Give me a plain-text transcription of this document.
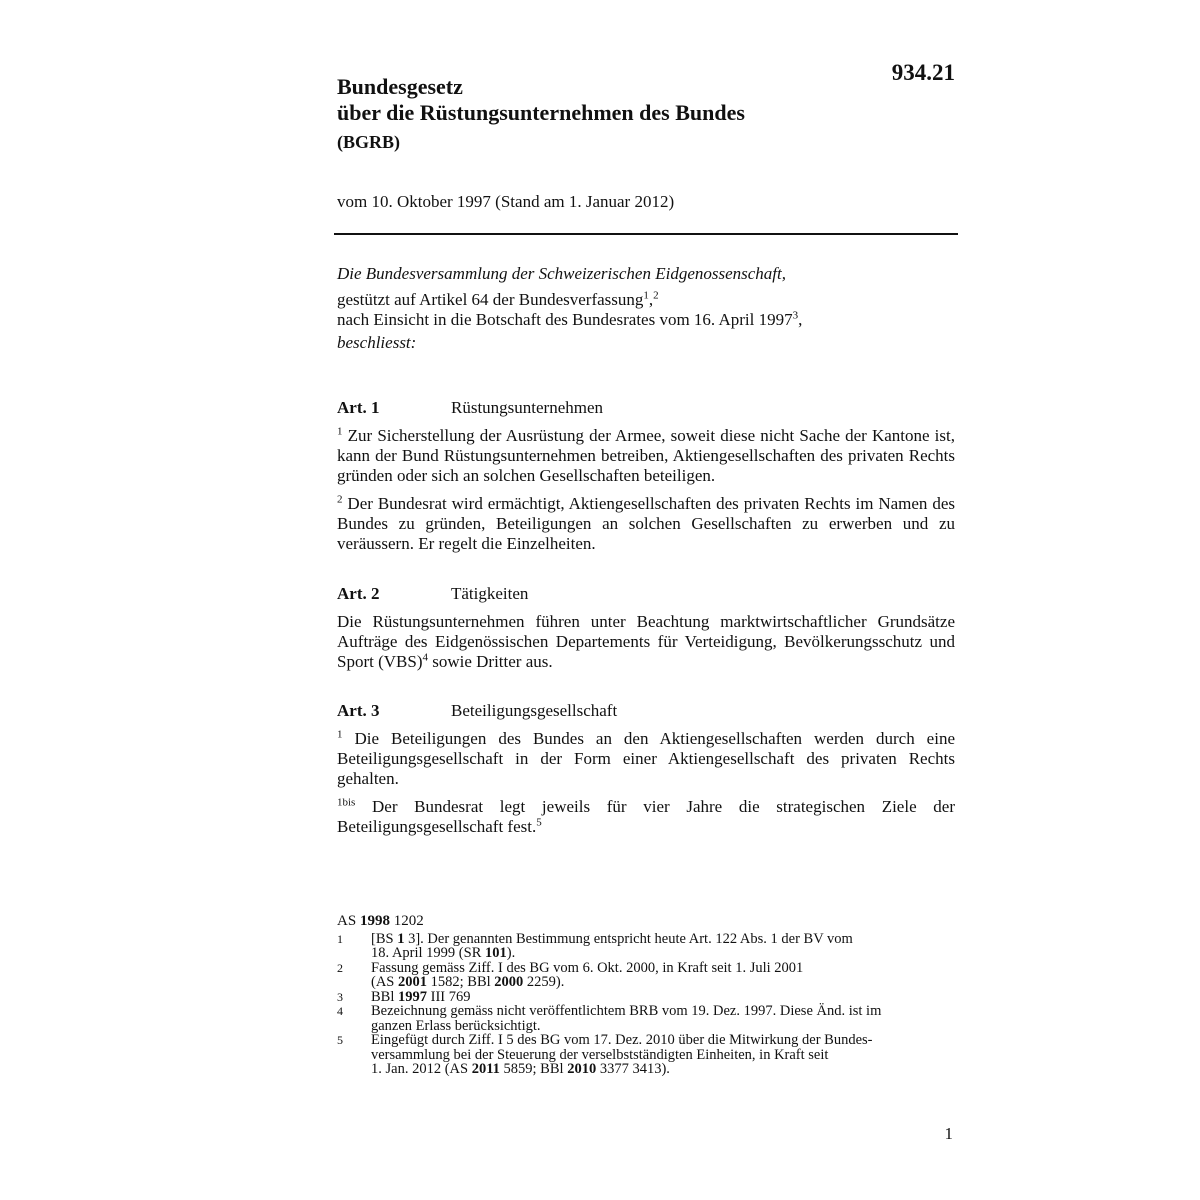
934.21
Bundesgesetz
über die Rüstungsunternehmen des Bundes
(BGRB)
vom 10. Oktober 1997 (Stand am 1. Januar 2012)
Die Bundesversammlung der Schweizerischen Eidgenossenschaft,
gestützt auf Artikel 64 der Bundesverfassung$^1$,$^2$
nach Einsicht in die Botschaft des Bundesrates vom 16. April 1997$^3$,
beschliesst:
Art. 1	Rüstungsunternehmen

$^1$ Zur Sicherstellung der Ausrüstung der Armee, soweit diese nicht Sache der Kantone ist, kann der Bund Rüstungsunternehmen betreiben, Aktiengesellschaften des privaten Rechts gründen oder sich an solchen Gesellschaften beteiligen.

$^2$ Der Bundesrat wird ermächtigt, Aktiengesellschaften des privaten Rechts im Namen des Bundes zu gründen, Beteiligungen an solchen Gesellschaften zu erwerben und zu veräussern. Er regelt die Einzelheiten.

Art. 2	Tätigkeiten

Die Rüstungsunternehmen führen unter Beachtung marktwirtschaftlicher Grundsätze Aufträge des Eidgenössischen Departements für Verteidigung, Bevölkerungsschutz und Sport (VBS)$^4$ sowie Dritter aus.

Art. 3	Beteiligungsgesellschaft

$^1$ Die Beteiligungen des Bundes an den Aktiengesellschaften werden durch eine Beteiligungsgesellschaft in der Form einer Aktiengesellschaft des privaten Rechts gehalten.

$^{1bis}$ Der Bundesrat legt jeweils für vier Jahre die strategischen Ziele der Beteiligungsgesellschaft fest.$^5$

AS 1998 1202
1	[BS 1 3]. Der genannten Bestimmung entspricht heute Art. 122 Abs. 1 der BV vom
18. April 1999 (SR 101).
2	Fassung gemäss Ziff. I des BG vom 6. Okt. 2000, in Kraft seit 1. Juli 2001
(AS 2001 1582; BBl 2000 2259).
3	BBl 1997 III 769
4	Bezeichnung gemäss nicht veröffentlichtem BRB vom 19. Dez. 1997. Diese Änd. ist im
ganzen Erlass berücksichtigt.
5	Eingefügt durch Ziff. I 5 des BG vom 17. Dez. 2010 über die Mitwirkung der Bundes-
versammlung bei der Steuerung der verselbstständigten Einheiten, in Kraft seit
1. Jan. 2012 (AS 2011 5859; BBl 2010 3377 3413).
1
